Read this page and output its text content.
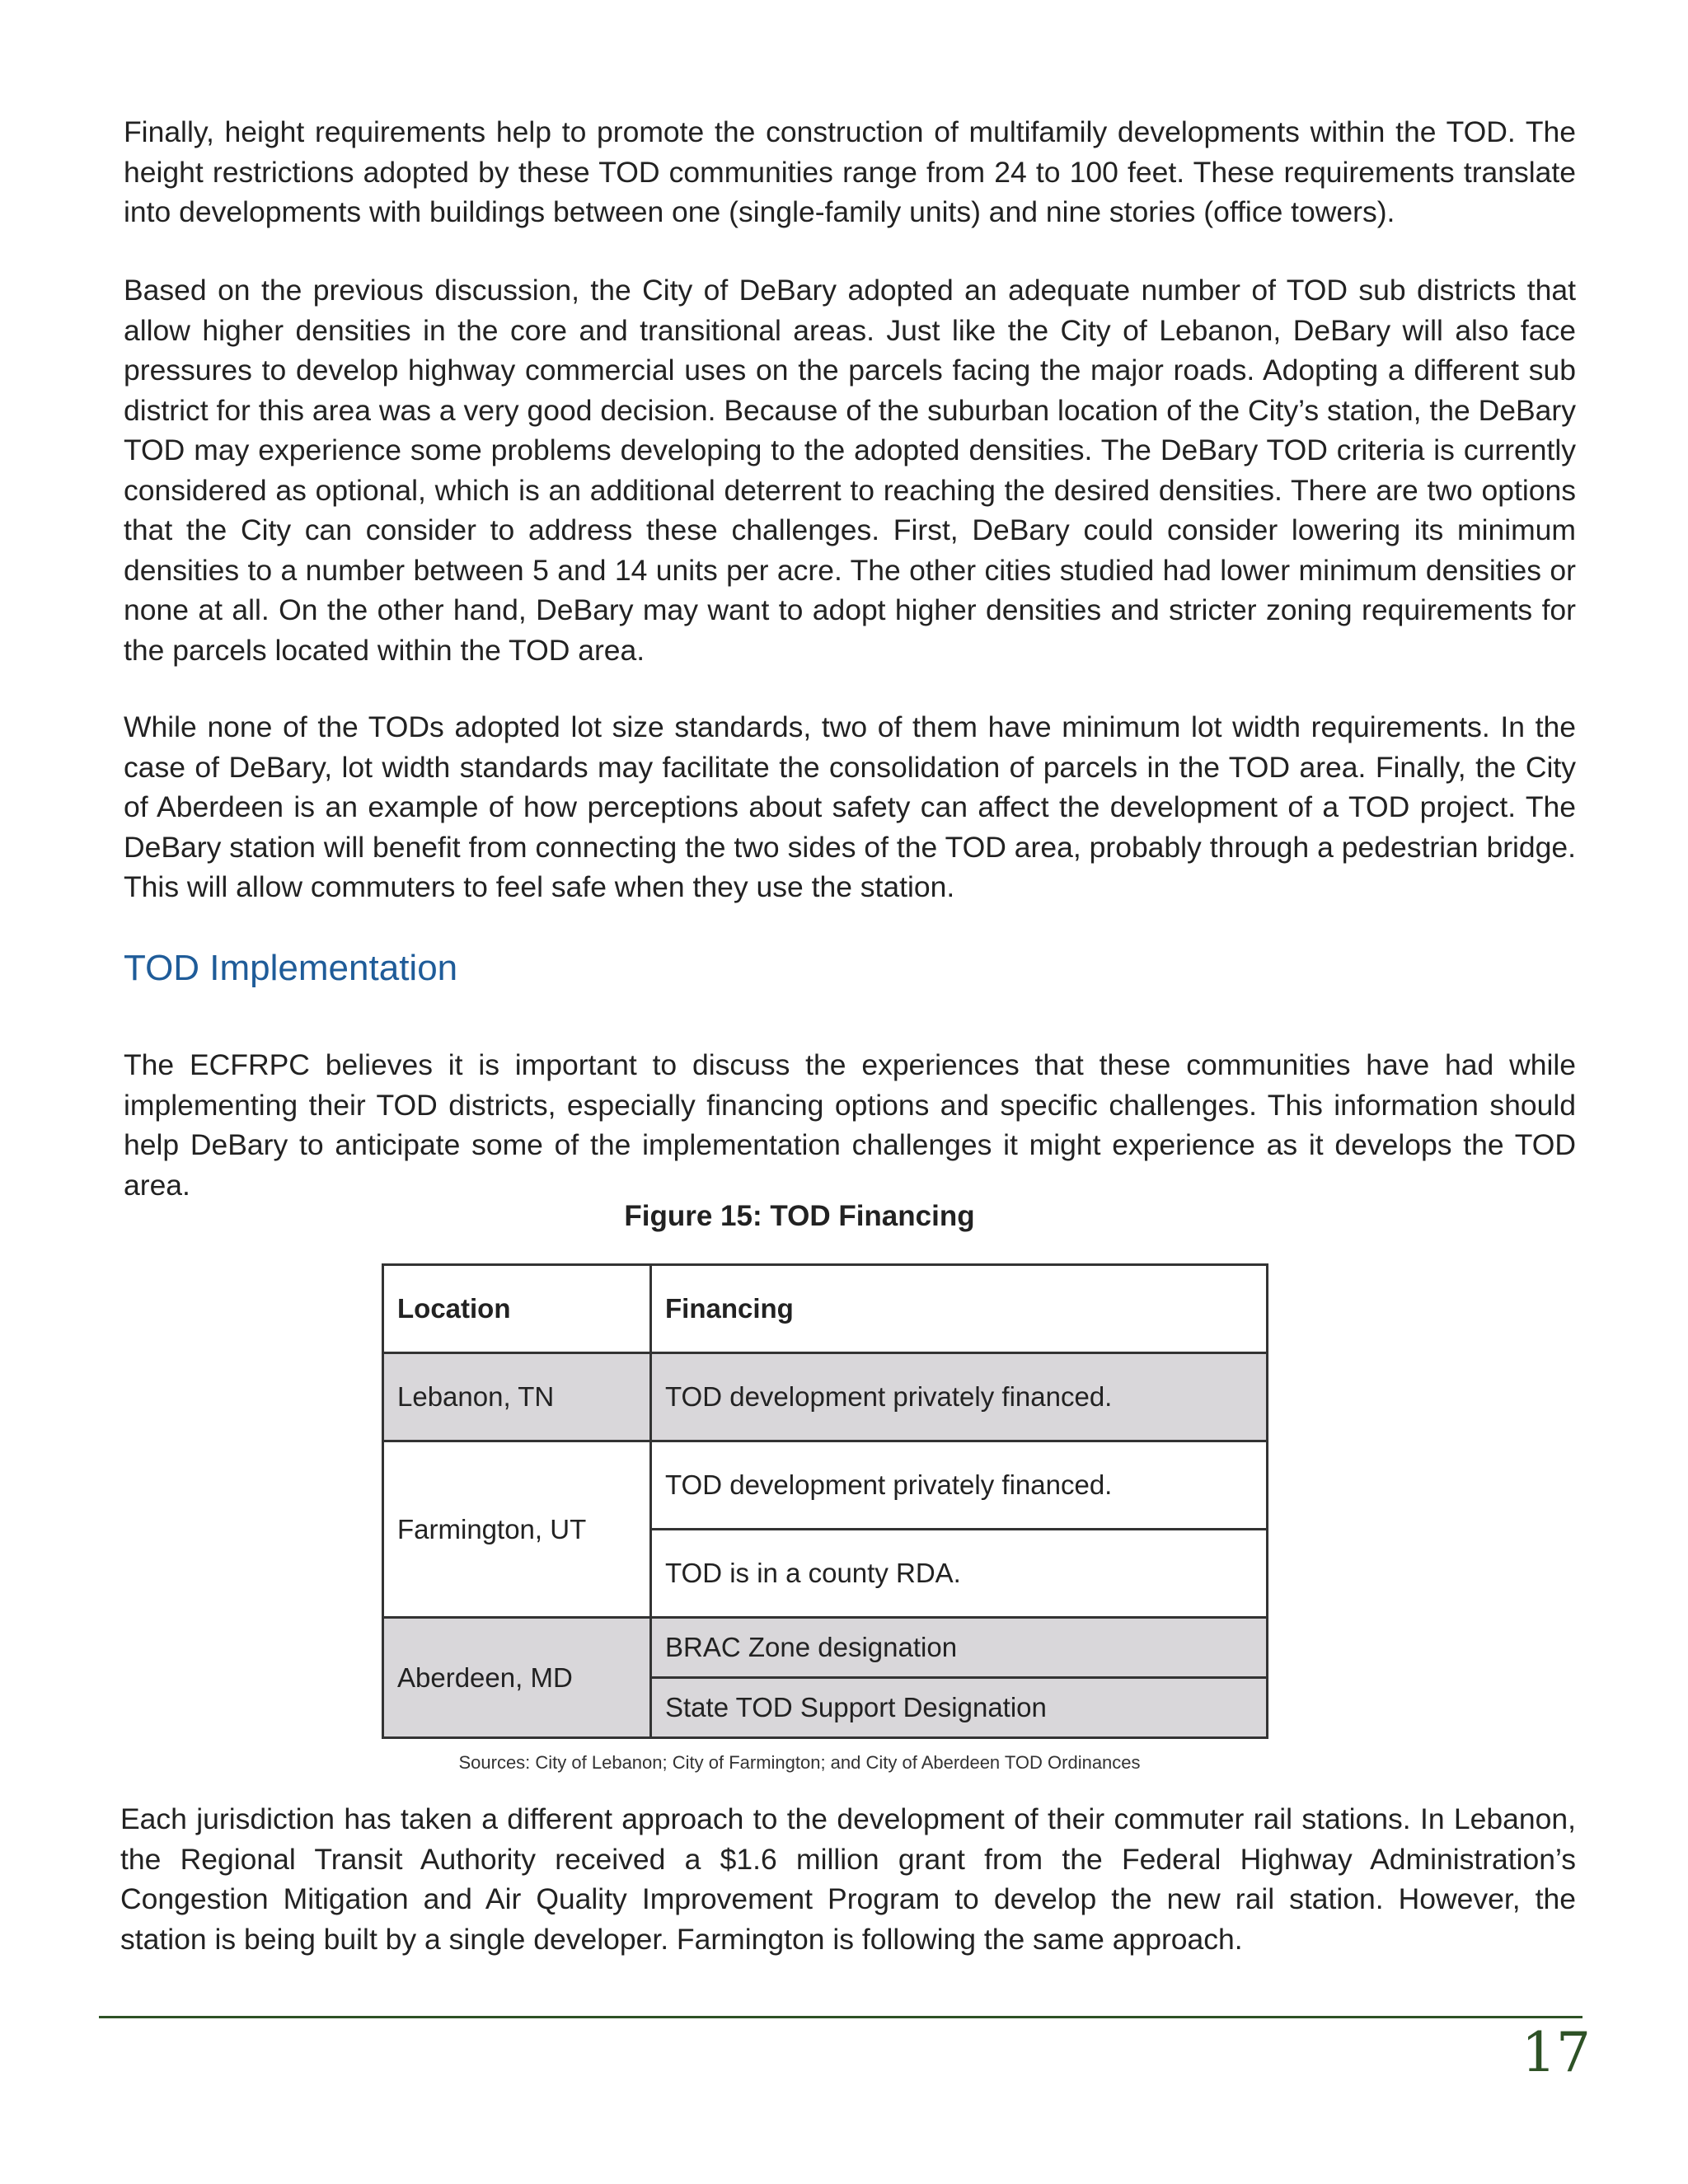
Finally, height requirements help to promote the construction of multifamily developments within the TOD. The height restrictions adopted by these TOD communities range from 24 to 100 feet. These requirements translate into developments with buildings between one (single-family units) and nine stories (office towers).

Based on the previous discussion, the City of DeBary adopted an adequate number of TOD sub districts that allow higher densities in the core and transitional areas. Just like the City of Lebanon, DeBary will also face pressures to develop highway commercial uses on the parcels facing the major roads. Adopting a different sub district for this area was a very good decision. Because of the suburban location of the City’s station, the DeBary TOD may experience some problems developing to the adopted densities. The DeBary TOD criteria is currently considered as optional, which is an additional deterrent to reaching the desired densities. There are two options that the City can consider to address these challenges. First, DeBary could consider lowering its minimum densities to a number between 5 and 14 units per acre. The other cities studied had lower minimum densities or none at all. On the other hand, DeBary may want to adopt higher densities and stricter zoning requirements for the parcels located within the TOD area.

While none of the TODs adopted lot size standards, two of them have minimum lot width requirements. In the case of DeBary, lot width standards may facilitate the consolidation of parcels in the TOD area. Finally, the City of Aberdeen is an example of how perceptions about safety can affect the development of a TOD project. The DeBary station will benefit from connecting the two sides of the TOD area, probably through a pedestrian bridge. This will allow commuters to feel safe when they use the station.

TOD Implementation

The ECFRPC believes it is important to discuss the experiences that these communities have had while implementing their TOD districts, especially financing options and specific challenges. This information should help DeBary to anticipate some of the implementation challenges it might experience as it develops the TOD area.

Figure 15: TOD Financing

Location	Financing
Lebanon, TN	TOD development privately financed.
Farmington, UT	TOD development privately financed.
	TOD is in a county RDA.
Aberdeen, MD	BRAC Zone designation
	State TOD Support Designation

Sources: City of Lebanon; City of Farmington; and City of Aberdeen TOD Ordinances

Each jurisdiction has taken a different approach to the development of their commuter rail stations. In Lebanon, the Regional Transit Authority received a $1.6 million grant from the Federal Highway Administration’s Congestion Mitigation and Air Quality Improvement Program to develop the new rail station. However, the station is being built by a single developer. Farmington is following the same approach.

17
